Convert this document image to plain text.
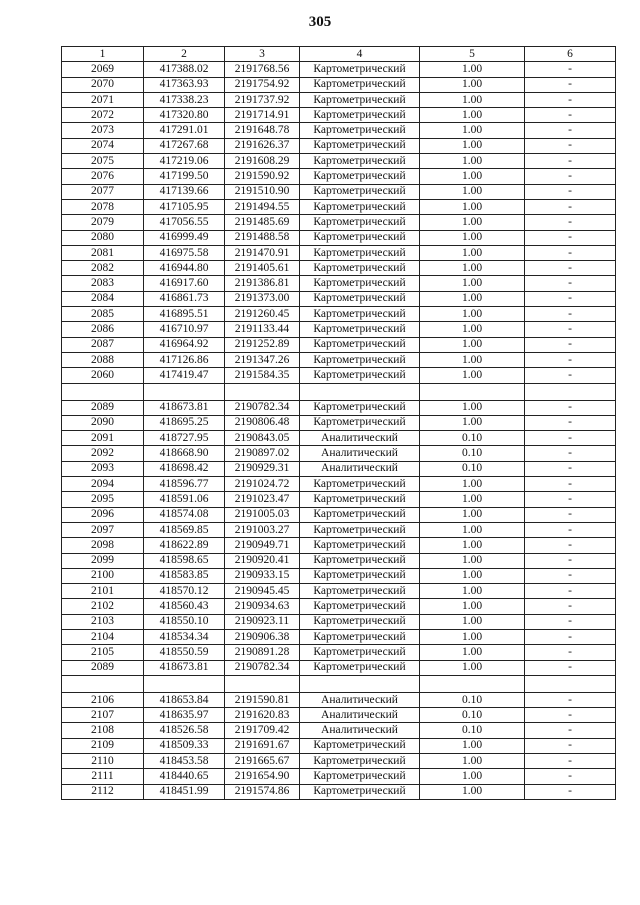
305
1	2	3	4	5	6
2069	417388.02	2191768.56	Картометрический	1.00	-
2070	417363.93	2191754.92	Картометрический	1.00	-
2071	417338.23	2191737.92	Картометрический	1.00	-
2072	417320.80	2191714.91	Картометрический	1.00	-
2073	417291.01	2191648.78	Картометрический	1.00	-
2074	417267.68	2191626.37	Картометрический	1.00	-
2075	417219.06	2191608.29	Картометрический	1.00	-
2076	417199.50	2191590.92	Картометрический	1.00	-
2077	417139.66	2191510.90	Картометрический	1.00	-
2078	417105.95	2191494.55	Картометрический	1.00	-
2079	417056.55	2191485.69	Картометрический	1.00	-
2080	416999.49	2191488.58	Картометрический	1.00	-
2081	416975.58	2191470.91	Картометрический	1.00	-
2082	416944.80	2191405.61	Картометрический	1.00	-
2083	416917.60	2191386.81	Картометрический	1.00	-
2084	416861.73	2191373.00	Картометрический	1.00	-
2085	416895.51	2191260.45	Картометрический	1.00	-
2086	416710.97	2191133.44	Картометрический	1.00	-
2087	416964.92	2191252.89	Картометрический	1.00	-
2088	417126.86	2191347.26	Картометрический	1.00	-
2060	417419.47	2191584.35	Картометрический	1.00	-

2089	418673.81	2190782.34	Картометрический	1.00	-
2090	418695.25	2190806.48	Картометрический	1.00	-
2091	418727.95	2190843.05	Аналитический	0.10	-
2092	418668.90	2190897.02	Аналитический	0.10	-
2093	418698.42	2190929.31	Аналитический	0.10	-
2094	418596.77	2191024.72	Картометрический	1.00	-
2095	418591.06	2191023.47	Картометрический	1.00	-
2096	418574.08	2191005.03	Картометрический	1.00	-
2097	418569.85	2191003.27	Картометрический	1.00	-
2098	418622.89	2190949.71	Картометрический	1.00	-
2099	418598.65	2190920.41	Картометрический	1.00	-
2100	418583.85	2190933.15	Картометрический	1.00	-
2101	418570.12	2190945.45	Картометрический	1.00	-
2102	418560.43	2190934.63	Картометрический	1.00	-
2103	418550.10	2190923.11	Картометрический	1.00	-
2104	418534.34	2190906.38	Картометрический	1.00	-
2105	418550.59	2190891.28	Картометрический	1.00	-
2089	418673.81	2190782.34	Картометрический	1.00	-

2106	418653.84	2191590.81	Аналитический	0.10	-
2107	418635.97	2191620.83	Аналитический	0.10	-
2108	418526.58	2191709.42	Аналитический	0.10	-
2109	418509.33	2191691.67	Картометрический	1.00	-
2110	418453.58	2191665.67	Картометрический	1.00	-
2111	418440.65	2191654.90	Картометрический	1.00	-
2112	418451.99	2191574.86	Картометрический	1.00	-
